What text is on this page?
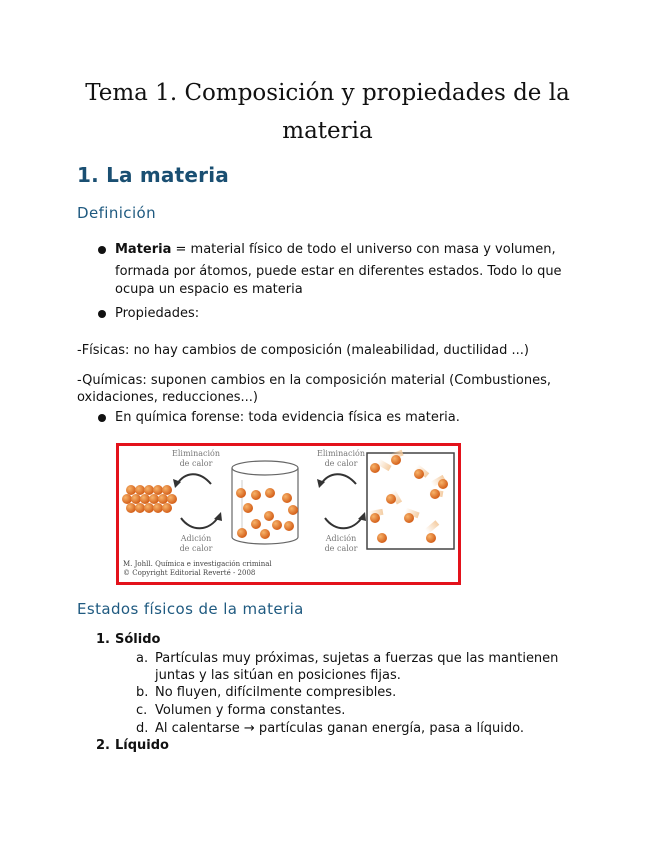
Tema 1. Composición y propiedades de la
materia
1. La materia
Definición
Materia = material físico de todo el universo con masa y volumen,
formada por átomos, puede estar en diferentes estados. Todo lo que
ocupa un espacio es materia
Propiedades:
-Físicas: no hay cambios de composición (maleabilidad, ductilidad ...)
-Químicas: suponen cambios en la composición material (Combustiones,
oxidaciones, reducciones...)
En química forense: toda evidencia física es materia.
Eliminación
de calor
Adición
de calor
Eliminación
de calor
Adición
de calor
M. Johll. Química e investigación criminal
© Copyright Editorial Reverté - 2008
Estados físicos de la materia
1. Sólido
a. Partículas muy próximas, sujetas a fuerzas que las mantienen
juntas y las sitúan en posiciones fijas.
b. No fluyen, difícilmente compresibles.
c. Volumen y forma constantes.
d. Al calentarse → partículas ganan energía, pasa a líquido.
2. Líquido
